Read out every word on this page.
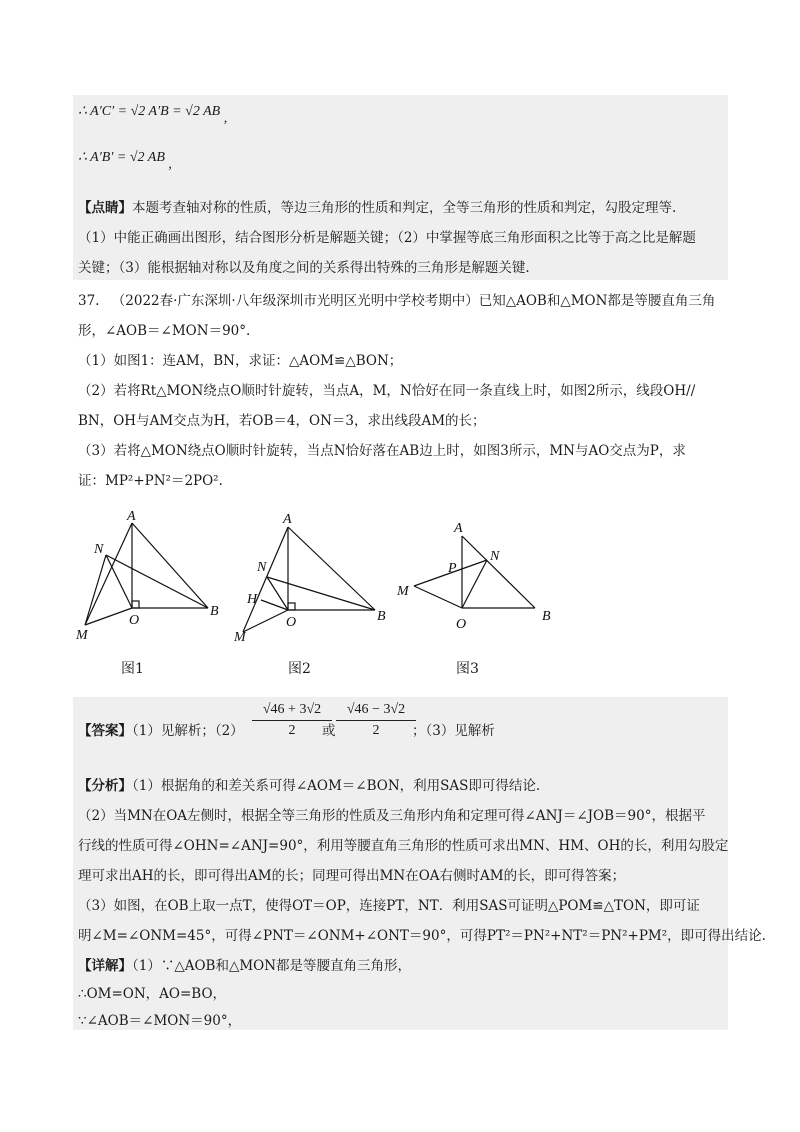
∴ A′C′ = √2 A′B = √2 AB ,
∴ A′B′ = √2 AB ,
【点睛】本题考查轴对称的性质，等边三角形的性质和判定，全等三角形的性质和判定，勾股定理等.
（1）中能正确画出图形，结合图形分析是解题关键；（2）中掌握等底三角形面积之比等于高之比是解题
关键；（3）能根据轴对称以及角度之间的关系得出特殊的三角形是解题关键.
37. （2022春·广东深圳·八年级深圳市光明区光明中学校考期中）已知△AOB和△MON都是等腰直角三角
形，∠AOB＝∠MON＝90°.
（1）如图1：连AM，BN，求证：△AOM≌△BON；
（2）若将Rt△MON绕点O顺时针旋转，当点A，M，N恰好在同一条直线上时，如图2所示，线段OH//
BN，OH与AM交点为H，若OB＝4，ON＝3，求出线段AM的长；
（3）若将△MON绕点O顺时针旋转，当点N恰好落在AB边上时，如图3所示，MN与AO交点为P，求
证：MP²+PN²＝2PO².
A
N
O
B
M
图1
A
N
H
O	B
M
图2
A
N
P
M
O
B
图3
【答案】（1）见解析；（2）
√46 + 3√2
2	或
√46 − 3√2
2	；（3）见解析
【分析】（1）根据角的和差关系可得∠AOM＝∠BON，利用SAS即可得结论.
（2）当MN在OA左侧时，根据全等三角形的性质及三角形内角和定理可得∠ANJ＝∠JOB＝90°，根据平
行线的性质可得∠OHN=∠ANJ=90°，利用等腰直角三角形的性质可求出MN、HM、OH的长，利用勾股定
理可求出AH的长，即可得出AM的长；同理可得出MN在OA右侧时AM的长，即可得答案；
（3）如图，在OB上取一点T，使得OT＝OP，连接PT，NT．利用SAS可证明△POM≌△TON，即可证
明∠M=∠ONM=45°，可得∠PNT＝∠ONM+∠ONT＝90°，可得PT²＝PN²+NT²＝PN²+PM²，即可得出结论.
【详解】（1）∵△AOB和△MON都是等腰直角三角形，
∴OM=ON，AO=BO，
∵∠AOB＝∠MON＝90°，
